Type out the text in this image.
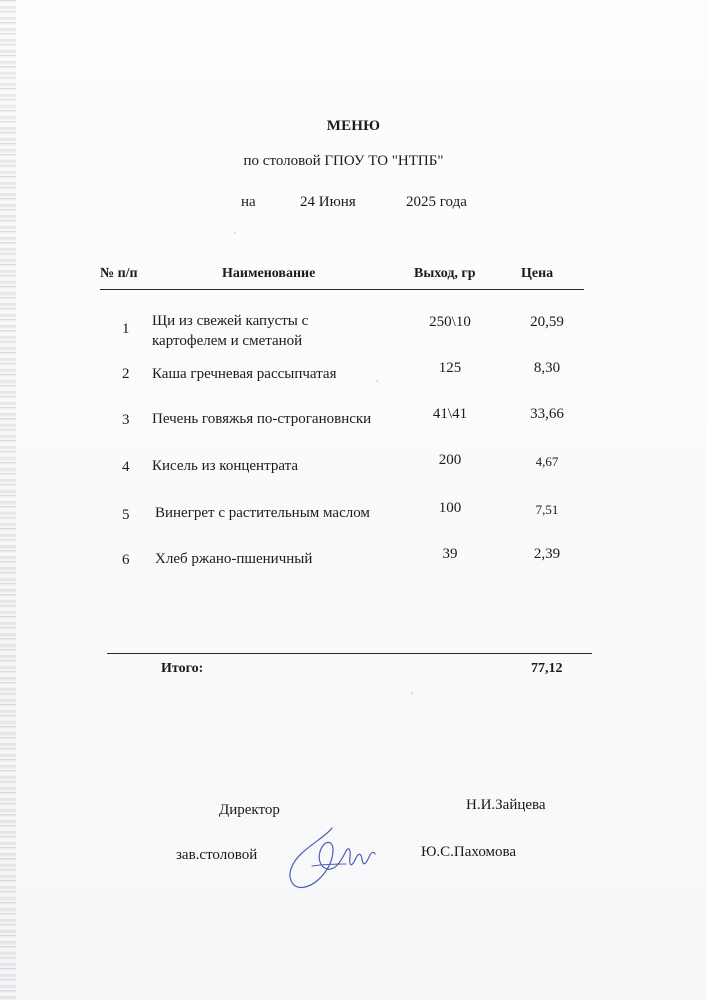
МЕНЮ
по столовой ГПОУ ТО "НТПБ"
на	24 Июня	2025 года
№ п/п	Наименование	Выход, гр	Цена
1 Щи из свежей капусты с
картофелем и сметаной
250\10	20,59
2 Каша гречневая рассыпчатая	125	8,30
3 Печень говяжья по-строгановнски	41\41	33,66
4 Кисель из концентрата	200	4,67
5 Винегрет с растительным маслом	100	7,51
6 Хлеб ржано-пшеничный	39	2,39
Итого:	77,12
Директор	Н.И.Зайцева
зав.столовой	Ю.С.Пахомова
